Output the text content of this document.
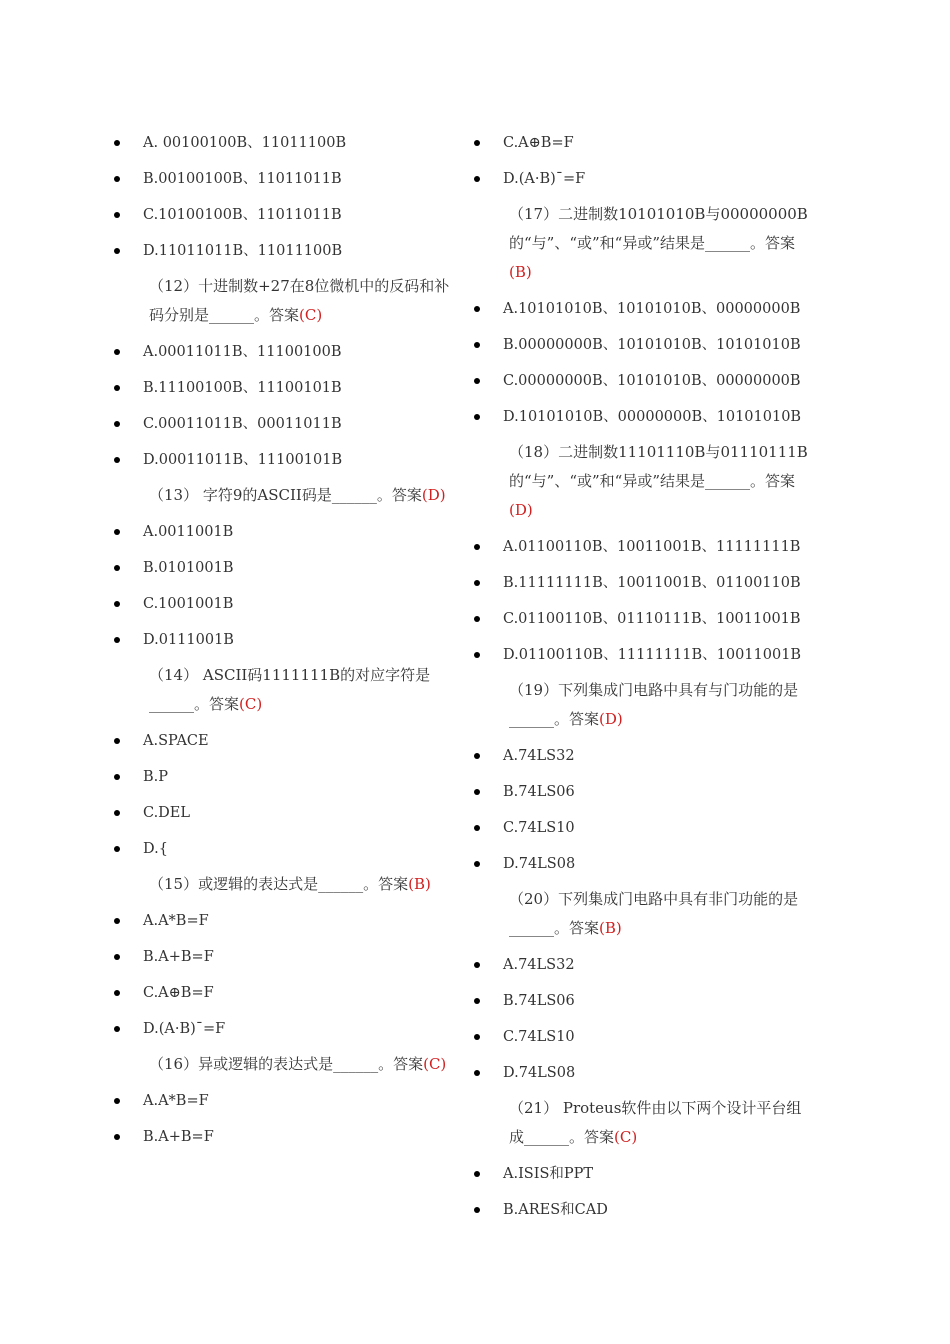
A. 00100100B、11011100B
B.00100100B、11011011B
C.10100100B、11011011B
D.11011011B、11011100B
（12）十进制数+27在8位微机中的反码和补码分别是______。答案(C)
A.00011011B、11100100B
B.11100100B、11100101B
C.00011011B、00011011B
D.00011011B、11100101B
（13） 字符9的ASCII码是______。答案(D)
A.0011001B
B.0101001B
C.1001001B
D.0111001B
（14） ASCII码1111111B的对应字符是______。答案(C)
A.SPACE
B.P
C.DEL
D.{
（15）或逻辑的表达式是______。答案(B)
A.A*B=F
B.A+B=F
C.A⊕B=F
D.(A·B)¯=F
（16）异或逻辑的表达式是______。答案(C)
A.A*B=F
B.A+B=F
C.A⊕B=F
D.(A·B)¯=F
（17）二进制数10101010B与00000000B的“与”、“或”和“异或”结果是______。答案(B)
A.10101010B、10101010B、00000000B
B.00000000B、10101010B、10101010B
C.00000000B、10101010B、00000000B
D.10101010B、00000000B、10101010B
（18）二进制数11101110B与01110111B的“与”、“或”和“异或”结果是______。答案(D)
A.01100110B、10011001B、11111111B
B.11111111B、10011001B、01100110B
C.01100110B、01110111B、10011001B
D.01100110B、11111111B、10011001B
（19）下列集成门电路中具有与门功能的是______。答案(D)
A.74LS32
B.74LS06
C.74LS10
D.74LS08
（20）下列集成门电路中具有非门功能的是______。答案(B)
A.74LS32
B.74LS06
C.74LS10
D.74LS08
（21） Proteus软件由以下两个设计平台组成______。答案(C)
A.ISIS和PPT
B.ARES和CAD
